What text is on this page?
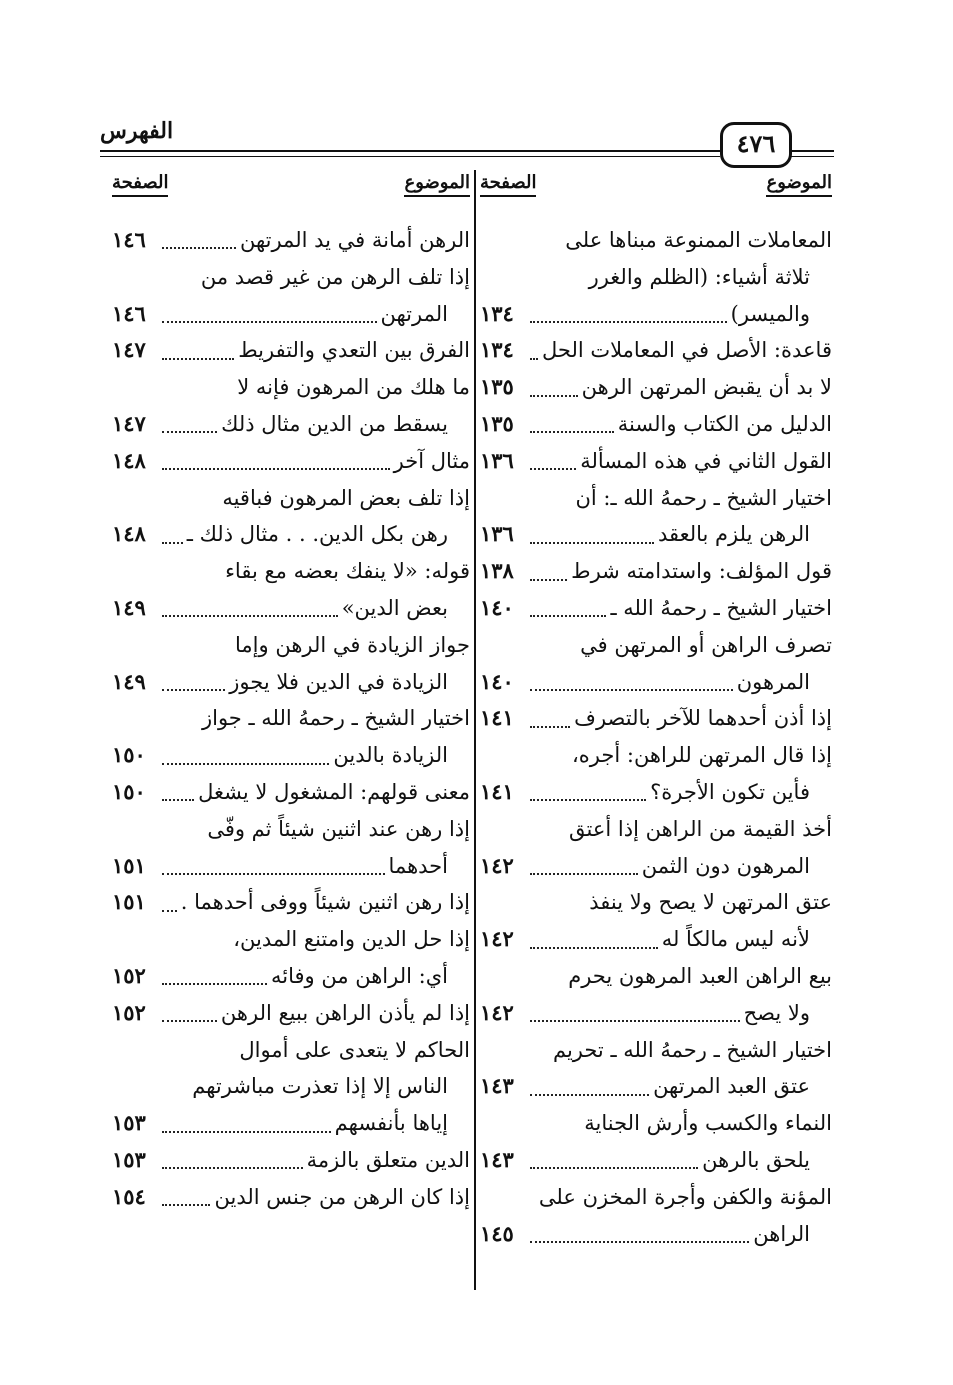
الفهرس	٤٧٦
الموضوع
الصفحة
المعاملات الممنوعة مبناها على
ثلاثة أشياء: (الظلم والغرر
والميسر)
١٣٤
قاعدة: الأصل في المعاملات الحل
١٣٤
لا بد أن يقبض المرتهن الرهن
١٣٥
الدليل من الكتاب والسنة
١٣٥
القول الثاني في هذه المسألة
١٣٦
اختيار الشيخ ـ رحمهُ الله ـ: أن
الرهن يلزم بالعقد
١٣٦
قول المؤلف: واستدامته شرط
١٣٨
اختيار الشيخ ـ رحمهُ الله ـ
١٤٠
تصرف الراهن أو المرتهن في
المرهون
١٤٠
إذا أذن أحدهما للآخر بالتصرف
١٤١
إذا قال المرتهن للراهن: أجره،
فأين تكون الأجرة؟
١٤١
أخذ القيمة من الراهن إذا أعتق
المرهون دون الثمن
١٤٢
عتق المرتهن لا يصح ولا ينفذ
لأنه ليس مالكاً له
١٤٢
بيع الراهن العبد المرهون يحرم
ولا يصح
١٤٢
اختيار الشيخ ـ رحمهُ الله ـ تحريم
عتق العبد المرتهن
١٤٣
النماء والكسب وأرش الجناية
يلحق بالرهن
١٤٣
المؤنة والكفن وأجرة المخزن على
الراهن
١٤٥
الموضوع
الصفحة
الرهن أمانة في يد المرتهن
١٤٦
إذا تلف الرهن من غير قصد من
المرتهن
١٤٦
الفرق بين التعدي والتفريط
١٤٧
ما هلك من المرهون فإنه لا
يسقط من الدين مثال ذلك
١٤٧
مثال آخر
١٤٨
إذا تلف بعض المرهون فباقيه
رهن بكل الدين. . . مثال ذلك ـ
١٤٨
قوله: «لا ينفك بعضه مع بقاء
بعض الدين»
١٤٩
جواز الزيادة في الرهن وإما
الزيادة في الدين فلا يجوز
١٤٩
اختيار الشيخ ـ رحمهُ الله ـ جواز
الزيادة بالدين
١٥٠
معنى قولهم: المشغول لا يشغل
١٥٠
إذا رهن عند اثنين شيئاً ثم وفّى
أحدهما
١٥١
إذا رهن اثنين شيئاً ووفى أحدهما .
١٥١
إذا حل الدين وامتنع المدين،
أي: الراهن من وفائه
١٥٢
إذا لم يأذن الراهن ببيع الرهن
١٥٢
الحاكم لا يتعدى على أموال
الناس إلا إذا تعذرت مباشرتهم
إياها بأنفسهم
١٥٣
الدين متعلق بالزمة
١٥٣
إذا كان الرهن من جنس الدين
١٥٤
